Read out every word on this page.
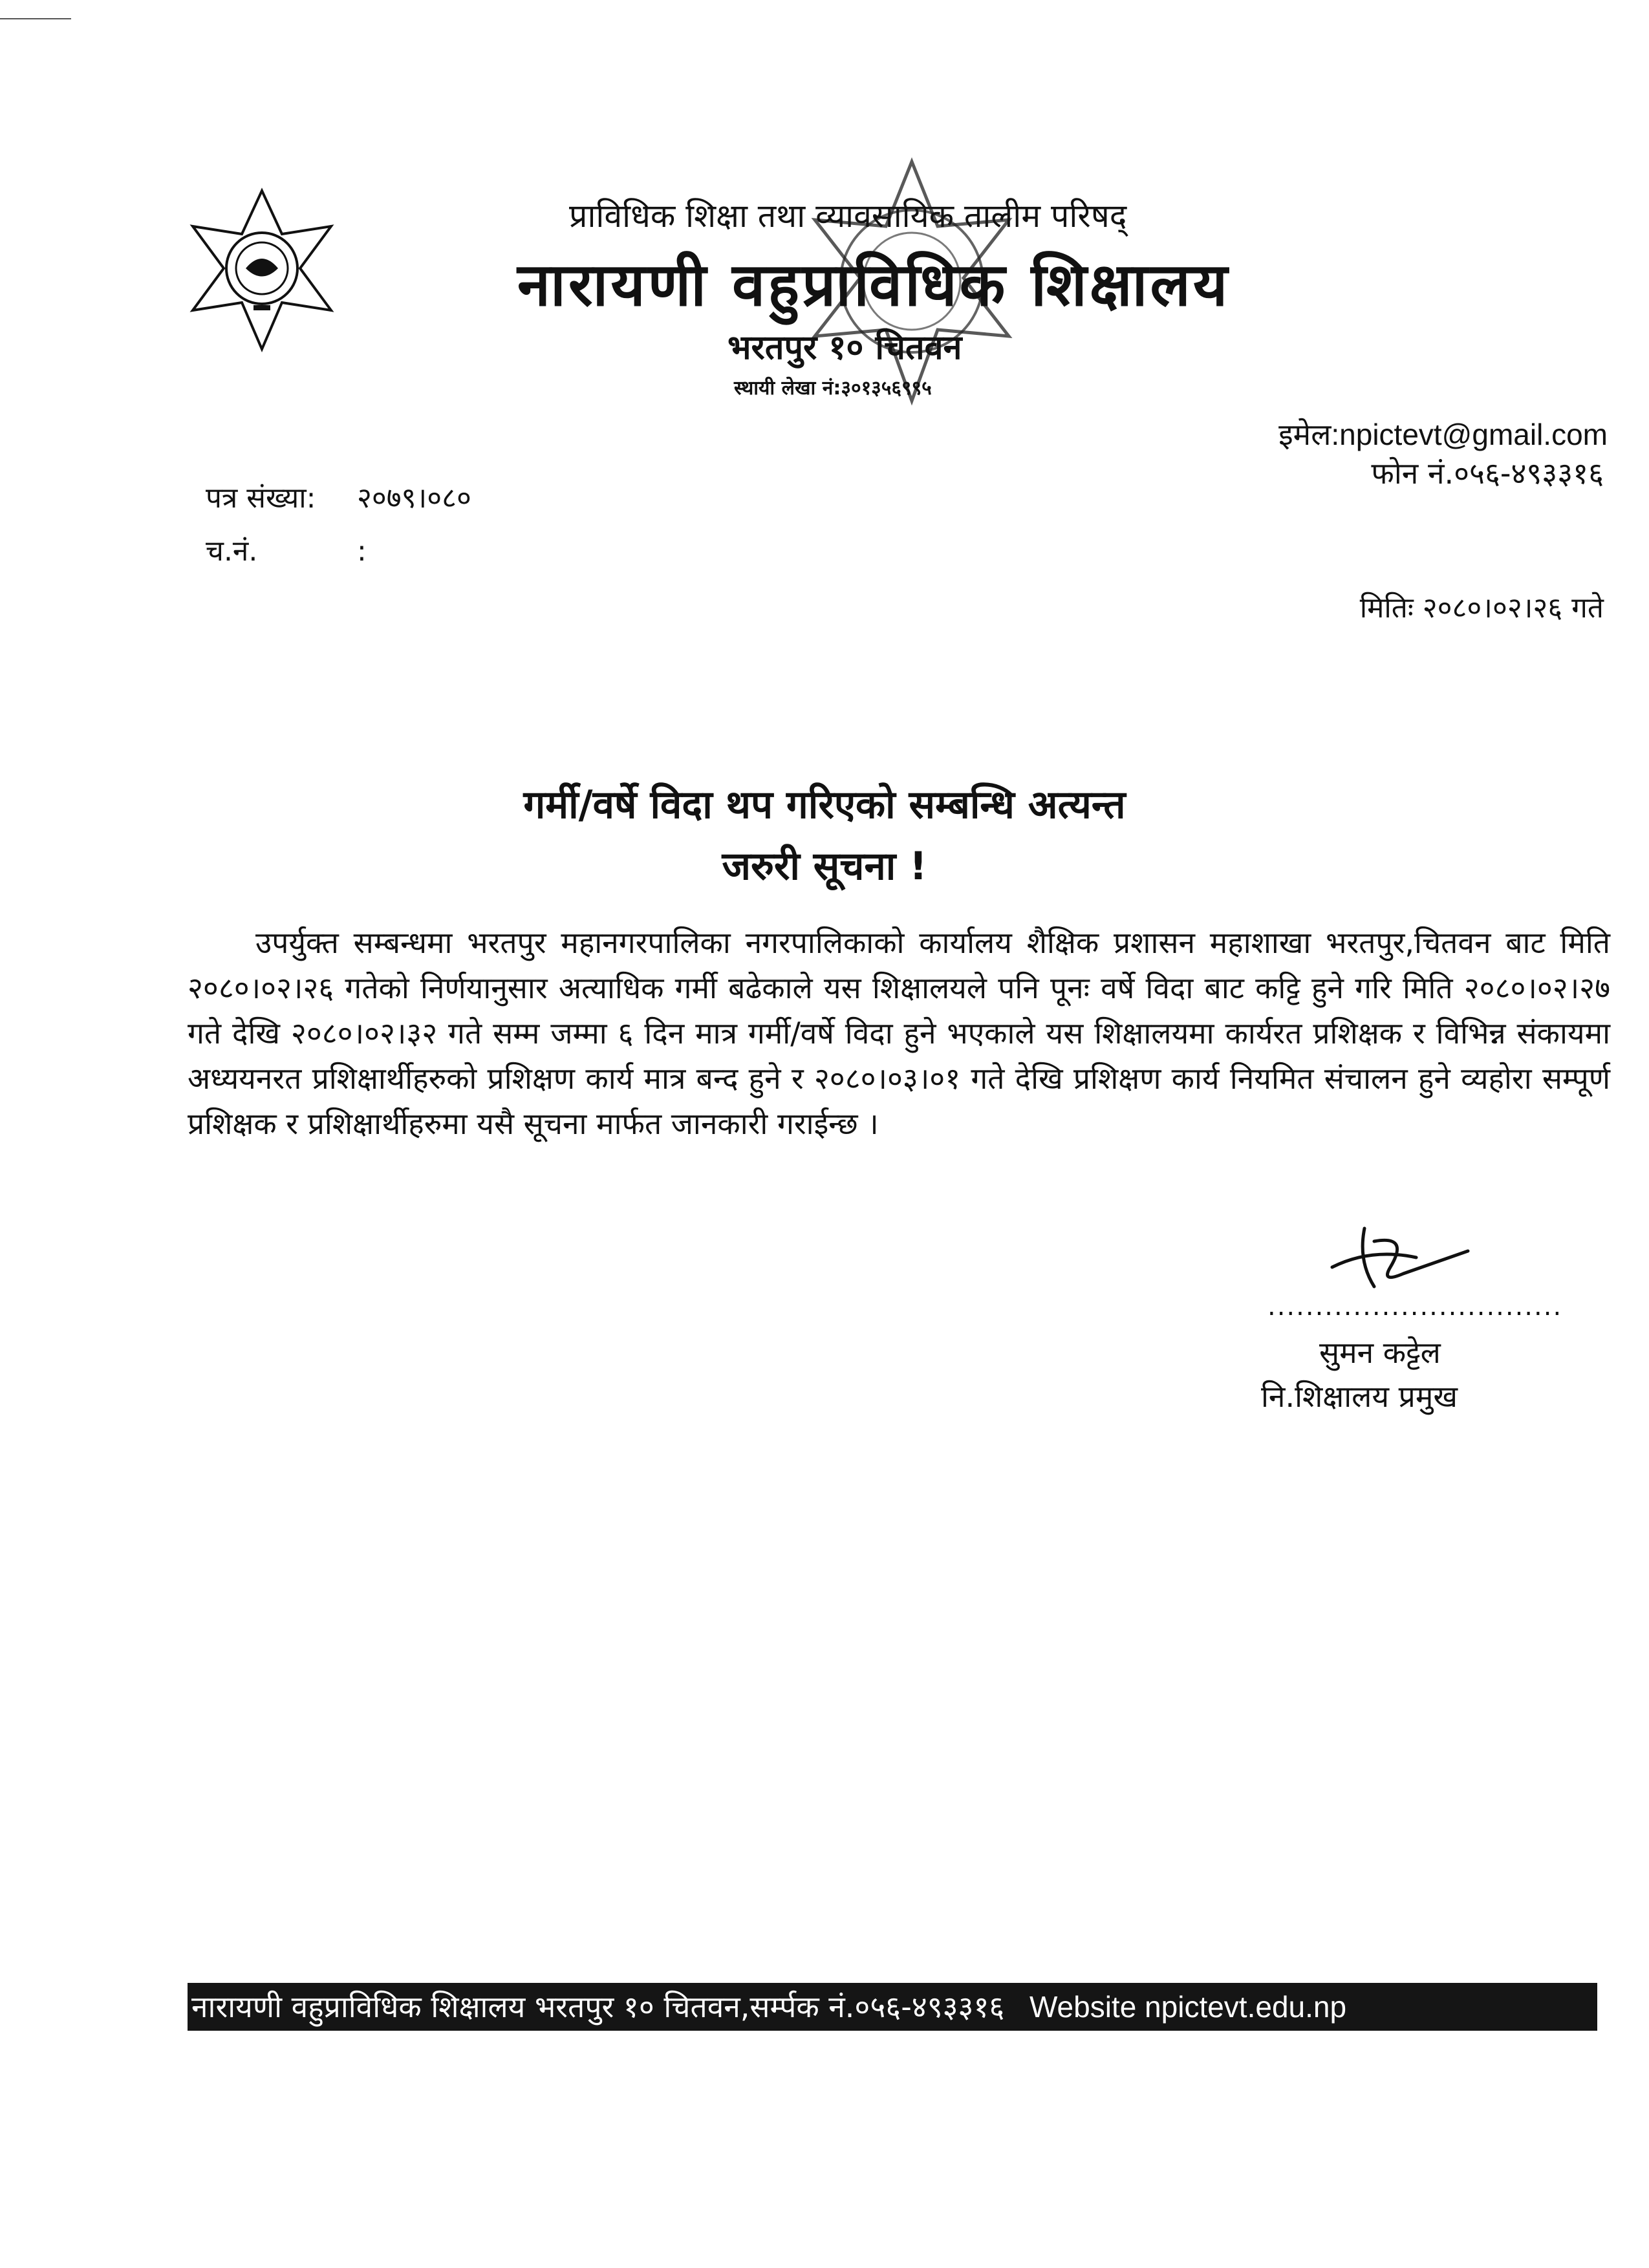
प्राविधिक शिक्षा तथा व्यावसायिक तालीम परिषद्
नारायणी वहुप्राविधिक शिक्षालय
भरतपुर १० चितवन
स्थायी लेखा नं:३०१३५६९९५
इमेल:npictevt@gmail.com
फोन नं.०५६-४९३३१६
पत्र संख्या: २०७९।०८०
च.नं.	:
मितिः २०८०।०२।२६ गते
गर्मी/वर्षे विदा थप गरिएको सम्बन्धि अत्यन्त
जरुरी सूचना !
उपर्युक्त सम्बन्धमा भरतपुर महानगरपालिका नगरपालिकाको कार्यालय शैक्षिक प्रशासन महाशाखा भरतपुर,चितवन बाट मिति २०८०।०२।२६ गतेको निर्णयानुसार अत्याधिक गर्मी बढेकाले यस शिक्षालयले पनि पूनः वर्षे विदा बाट कट्टि हुने गरि मिति २०८०।०२।२७ गते देखि २०८०।०२।३२ गते सम्म जम्मा ६ दिन मात्र गर्मी/वर्षे विदा हुने भएकाले यस शिक्षालयमा कार्यरत प्रशिक्षक र विभिन्न संकायमा अध्ययनरत प्रशिक्षार्थीहरुको प्रशिक्षण कार्य मात्र बन्द हुने र २०८०।०३।०१ गते देखि प्रशिक्षण कार्य नियमित संचालन हुने व्यहोरा सम्पूर्ण प्रशिक्षक र प्रशिक्षार्थीहरुमा यसै सूचना मार्फत जानकारी गराईन्छ ।
...............................
सुमन कट्टेल
नि.शिक्षालय प्रमुख
नारायणी वहुप्राविधिक शिक्षालय भरतपुर १० चितवन,सर्म्पक नं.०५६-४९३३१६ Website npictevt.edu.np
